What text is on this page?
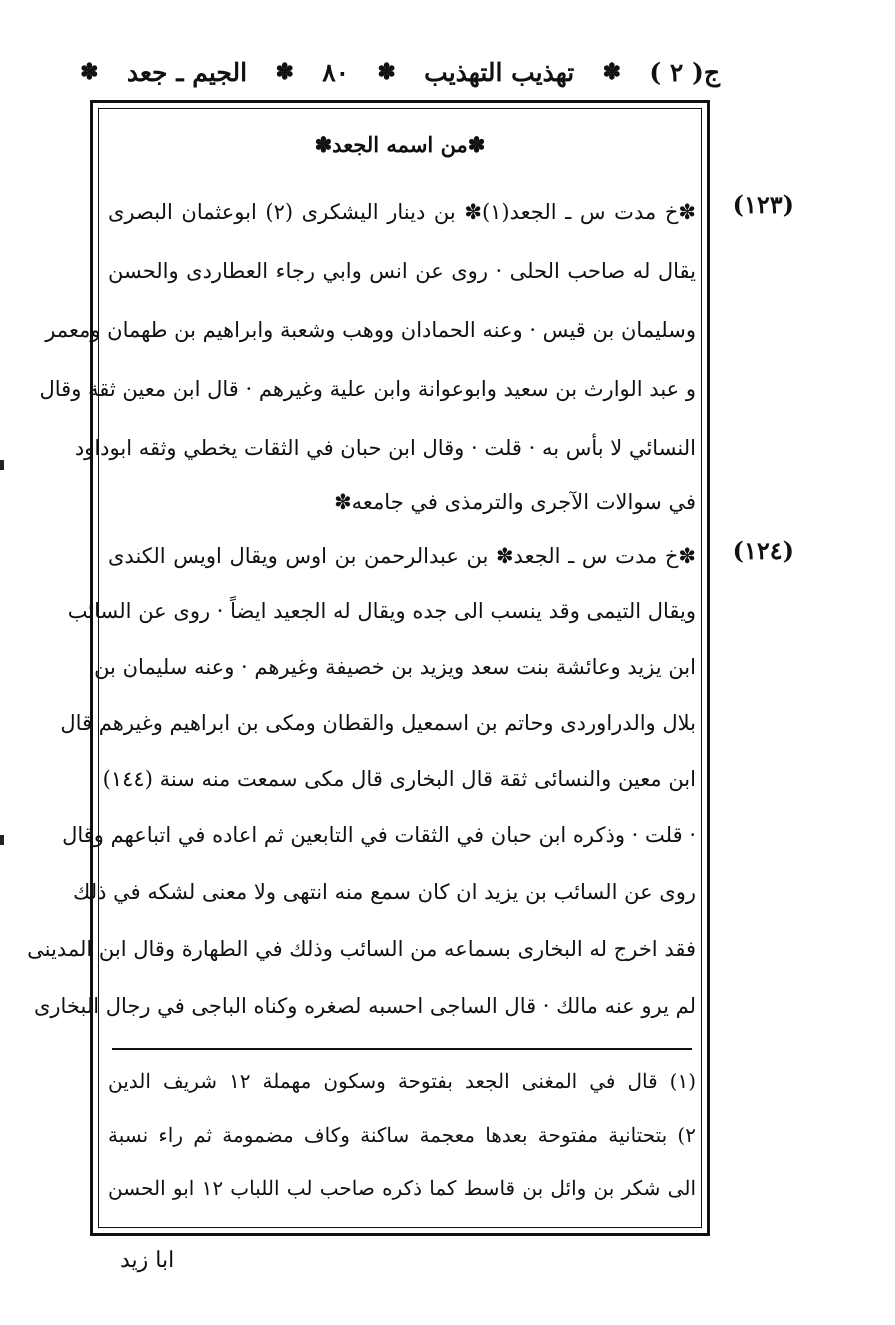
ج( ٢ )
✽
تهذيب التهذيب
✽
٨٠
✽
الجيم ـ جعد
✽
✽من اسمه الجعد✽
(١٢٣)
✽خ مدت س ـ الجعد(١)✽ بن دينار اليشكرى (٢) ابوعثمان البصرى
يقال له صاحب الحلى · روى عن انس وابي رجاء العطاردى والحسن
وسليمان بن قيس · وعنه الحمادان ووهب وشعبة وابراهيم بن طهمان ومعمر
و عبد الوارث بن سعيد وابوعوانة وابن علية وغيرهم · قال ابن معين ثقة وقال
النسائي لا بأس به · قلت · وقال ابن حبان في الثقات يخطي وثقه ابوداود
في سوالات الآجرى والترمذى في جامعه✽
(١٢٤)
✽خ مدت س ـ الجعد✽ بن عبدالرحمن بن اوس ويقال اويس الكندى
ويقال التيمى وقد ينسب الى جده ويقال له الجعيد ايضاً · روى عن السائب
ابن يزيد وعائشة بنت سعد ويزيد بن خصيفة وغيرهم · وعنه سليمان بن
بلال والدراوردى وحاتم بن اسمعيل والقطان ومكى بن ابراهيم وغيرهم قال
ابن معين والنسائى ثقة قال البخارى قال مكى سمعت منه سنة (١٤٤)
· قلت · وذكره ابن حبان في الثقات في التابعين ثم اعاده في اتباعهم وقال
روى عن السائب بن يزيد ان كان سمع منه انتهى ولا معنى لشكه في ذلك
فقد اخرج له البخارى بسماعه من السائب وذلك في الطهارة وقال ابن المدينى
لم يرو عنه مالك · قال الساجى احسبه لصغره وكناه الباجى في رجال البخارى
(١) قال في المغنى الجعد بفتوحة وسكون مهملة ١٢ شريف الدين
٢) بتحتانية مفتوحة بعدها معجمة ساكنة وكاف مضمومة ثم راء نسبة
الى شكر بن وائل بن قاسط كما ذكره صاحب لب اللباب ١٢ ابو الحسن
ابا زيد
